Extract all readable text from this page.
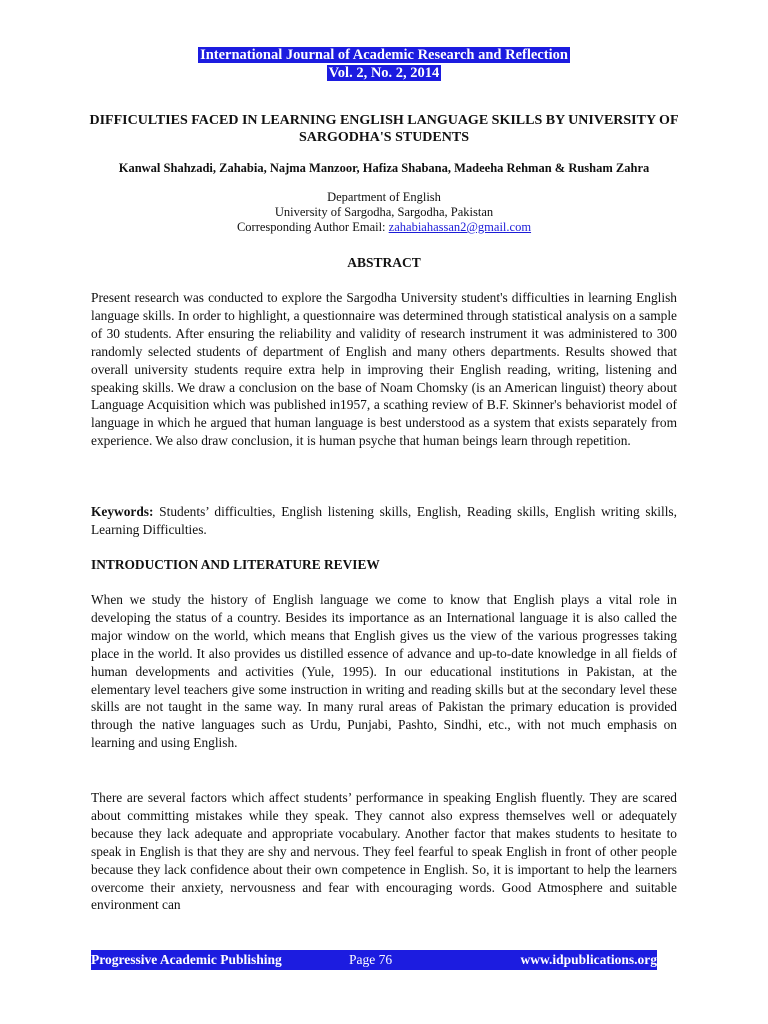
International Journal of Academic Research and Reflection
Vol. 2, No. 2, 2014
DIFFICULTIES FACED IN LEARNING ENGLISH LANGUAGE SKILLS BY UNIVERSITY OF SARGODHA'S STUDENTS
Kanwal Shahzadi, Zahabia, Najma Manzoor, Hafiza Shabana, Madeeha Rehman & Rusham Zahra
Department of English
University of Sargodha, Sargodha, Pakistan
Corresponding Author Email: zahabiahassan2@gmail.com
ABSTRACT

Present research was conducted to explore the Sargodha University student's difficulties in learning English language skills. In order to highlight, a questionnaire was determined through statistical analysis on a sample of 30 students. After ensuring the reliability and validity of research instrument it was administered to 300 randomly selected students of department of English and many others departments. Results showed that overall university students require extra help in improving their English reading, writing, listening and speaking skills. We draw a conclusion on the base of Noam Chomsky (is an American linguist) theory about Language Acquisition which was published in1957, a scathing review of B.F. Skinner's behaviorist model of language in which he argued that human language is best understood as a system that exists separately from experience. We also draw conclusion, it is human psyche that human beings learn through repetition.

Keywords: Students’ difficulties, English listening skills, English, Reading skills, English writing skills, Learning Difficulties.

INTRODUCTION AND LITERATURE REVIEW

When we study the history of English language we come to know that English plays a vital role in developing the status of a country. Besides its importance as an International language it is also called the major window on the world, which means that English gives us the view of the various progresses taking place in the world. It also provides us distilled essence of advance and up-to-date knowledge in all fields of human developments and activities (Yule, 1995). In our educational institutions in Pakistan, at the elementary level teachers give some instruction in writing and reading skills but at the secondary level these skills are not taught in the same way. In many rural areas of Pakistan the primary education is provided through the native languages such as Urdu, Punjabi, Pashto, Sindhi, etc., with not much emphasis on learning and using English.

There are several factors which affect students’ performance in speaking English fluently. They are scared about committing mistakes while they speak. They cannot also express themselves well or adequately because they lack adequate and appropriate vocabulary. Another factor that makes students to hesitate to speak in English is that they are shy and nervous. They feel fearful to speak English in front of other people because they lack confidence about their own competence in English. So, it is important to help the learners overcome their anxiety, nervousness and fear with encouraging words. Good Atmosphere and suitable environment can

Progressive Academic Publishing	Page 76	www.idpublications.org
